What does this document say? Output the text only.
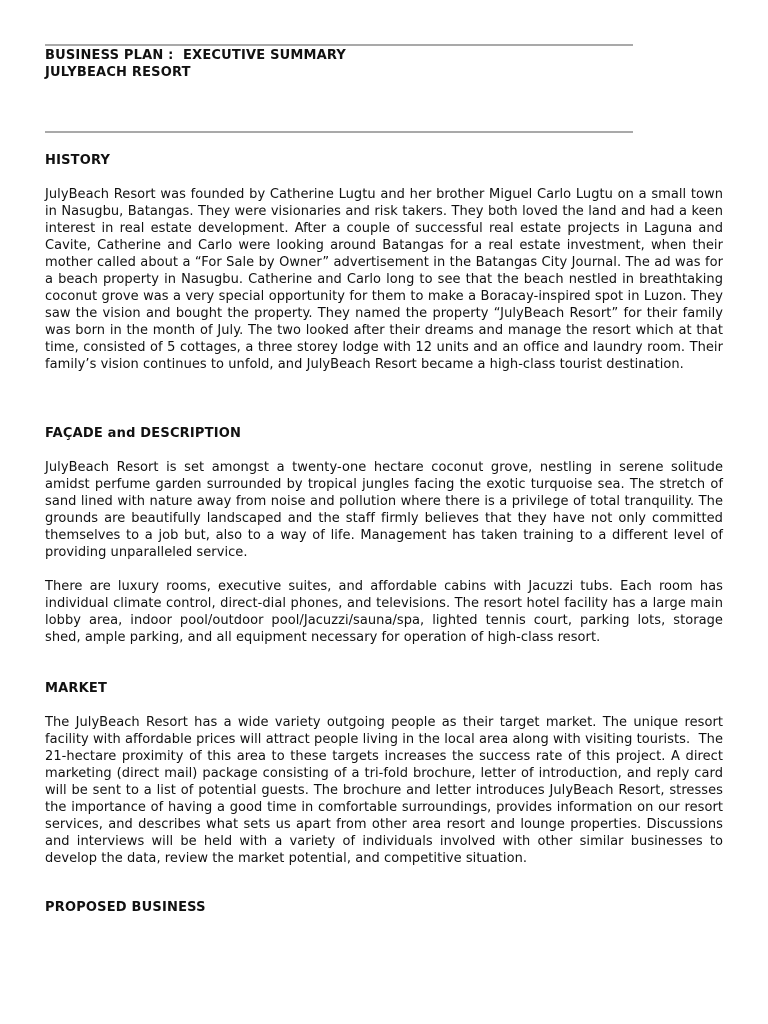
BUSINESS PLAN :  EXECUTIVE SUMMARY
JULYBEACH RESORT
HISTORY
JulyBeach Resort was founded by Catherine Lugtu and her brother Miguel Carlo Lugtu on a small town in Nasugbu, Batangas. They were visionaries and risk takers. They both loved the land and had a keen interest in real estate development. After a couple of successful real estate projects in Laguna and Cavite, Catherine and Carlo were looking around Batangas for a real estate investment, when their mother called about a “For Sale by Owner” advertisement in the Batangas City Journal. The ad was for a beach property in Nasugbu. Catherine and Carlo long to see that the beach nestled in breathtaking coconut grove was a very special opportunity for them to make a Boracay-inspired spot in Luzon. They saw the vision and bought the property. They named the property “JulyBeach Resort” for their family was born in the month of July. The two looked after their dreams and manage the resort which at that time, consisted of 5 cottages, a three storey lodge with 12 units and an office and laundry room. Their family’s vision continues to unfold, and JulyBeach Resort became a high-class tourist destination.
FAÇADE and DESCRIPTION
JulyBeach Resort is set amongst a twenty-one hectare coconut grove, nestling in serene solitude amidst perfume garden surrounded by tropical jungles facing the exotic turquoise sea. The stretch of sand lined with nature away from noise and pollution where there is a privilege of total tranquility. The grounds are beautifully landscaped and the staff firmly believes that they have not only committed themselves to a job but, also to a way of life. Management has taken training to a different level of providing unparalleled service.
There are luxury rooms, executive suites, and affordable cabins with Jacuzzi tubs. Each room has individual climate control, direct-dial phones, and televisions. The resort hotel facility has a large main lobby area, indoor pool/outdoor pool/Jacuzzi/sauna/spa, lighted tennis court, parking lots, storage shed, ample parking, and all equipment necessary for operation of high-class resort.
MARKET
The JulyBeach Resort has a wide variety outgoing people as their target market. The unique resort facility with affordable prices will attract people living in the local area along with visiting tourists.  The 21-hectare proximity of this area to these targets increases the success rate of this project. A direct marketing (direct mail) package consisting of a tri-fold brochure, letter of introduction, and reply card will be sent to a list of potential guests. The brochure and letter introduces JulyBeach Resort, stresses the importance of having a good time in comfortable surroundings, provides information on our resort services, and describes what sets us apart from other area resort and lounge properties. Discussions and interviews will be held with a variety of individuals involved with other similar businesses to develop the data, review the market potential, and competitive situation.
PROPOSED BUSINESS
